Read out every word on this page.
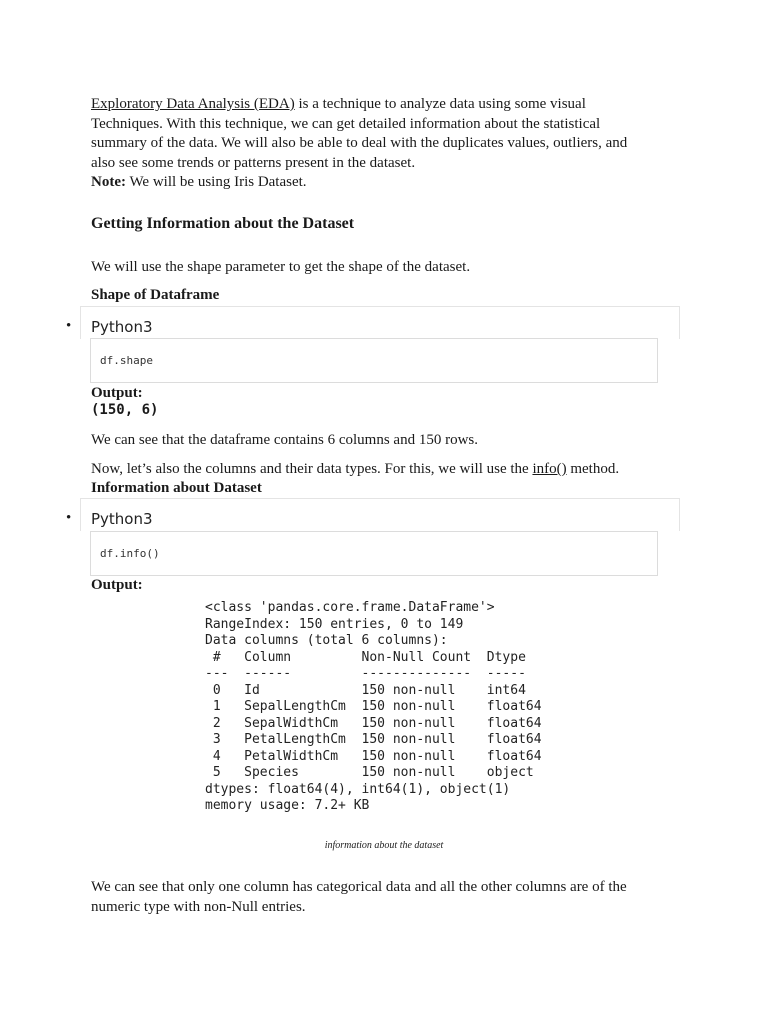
Exploratory Data Analysis (EDA) is a technique to analyze data using some visual
Techniques. With this technique, we can get detailed information about the statistical
summary of the data. We will also be able to deal with the duplicates values, outliers, and
also see some trends or patterns present in the dataset.
Note: We will be using Iris Dataset.
Getting Information about the Dataset
We will use the shape parameter to get the shape of the dataset.
Shape of Dataframe
• Python3
df.shape
Output:
(150, 6)
We can see that the dataframe contains 6 columns and 150 rows.
Now, let’s also the columns and their data types. For this, we will use the info() method.
Information about Dataset
• Python3
df.info()
Output:
<class 'pandas.core.frame.DataFrame'>
RangeIndex: 150 entries, 0 to 149
Data columns (total 6 columns):
#   Column         Non-Null Count  Dtype
---  ------         --------------  -----
0   Id             150 non-null    int64
1   SepalLengthCm  150 non-null    float64
2   SepalWidthCm   150 non-null    float64
3   PetalLengthCm  150 non-null    float64
4   PetalWidthCm   150 non-null    float64
5   Species        150 non-null    object
dtypes: float64(4), int64(1), object(1)
memory usage: 7.2+ KB
information about the dataset
We can see that only one column has categorical data and all the other columns are of the
numeric type with non-Null entries.
